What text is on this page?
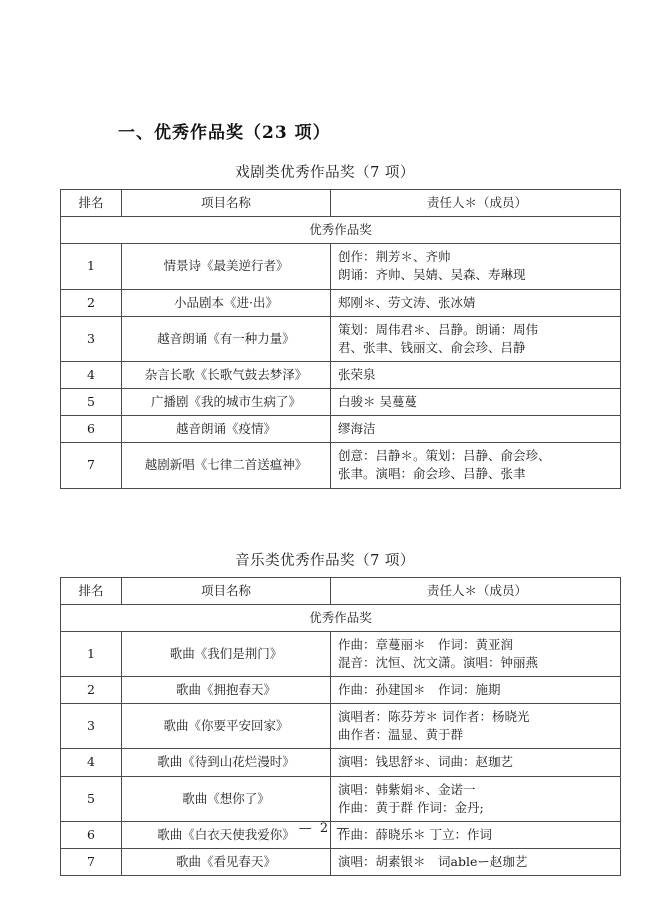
一、优秀作品奖（23 项）
戏剧类优秀作品奖（7 项）
排名	项目名称	责任人＊（成员）
优秀作品奖		
1	情景诗《最美逆行者》	创作：荆芳＊、齐帅
朗诵：齐帅、吴婧、吴森、寿琳现

2	小品剧本《进·出》	郏刚＊、劳文涛、张冰婧

3	越音朗诵《有一种力量》	策划：周伟君＊、吕静。朗诵：周伟
君、张聿、钱丽文、俞会珍、吕静

4	杂言长歌《长歌气鼓去梦泽》	张荣泉

5	广播剧《我的城市生病了》	白骏＊ 吴蔓蔓

6	越音朗诵《疫情》	缪海洁

7	越剧新唱《七律二首送瘟神》	创意：吕静＊。策划：吕静、俞会珍、
张聿。演唱：俞会珍、吕静、张聿
音乐类优秀作品奖（7 项）
排名	项目名称	责任人＊（成员）
优秀作品奖		
1	歌曲《我们是荆门》	作曲：章蔓丽＊　作词：黄亚润
混音：沈恒、沈文潇。演唱：钟丽燕

2	歌曲《拥抱春天》	作曲：孙建国＊　作词：施期

3	歌曲《你要平安回家》	演唱者：陈芬芳＊ 词作者：杨晓光
曲作者：温显、黄于群

4	歌曲《待到山花烂漫时》	演唱：钱思舒＊、词曲：赵珈艺

5	歌曲《想你了》	演唱：韩紫娟＊、金诺一
作曲：黄于群 作词：金丹;

6	歌曲《白衣天使我爱你》	作曲：薛晓乐＊ 丁立：作词

7	歌曲《看见春天》	演唱：胡素银＊　词ableー赵珈艺
— 2 —
